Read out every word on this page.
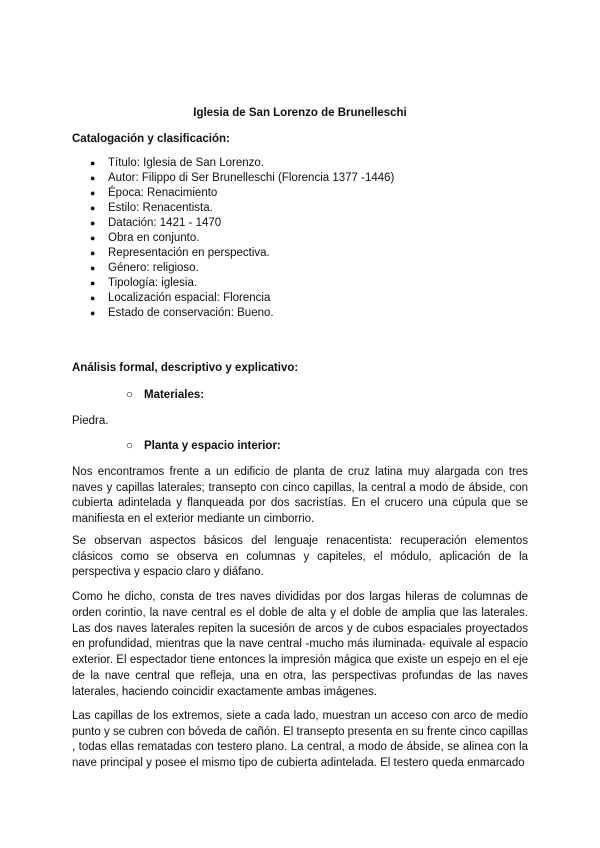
Iglesia de San Lorenzo de Brunelleschi
Catalogación y clasificación:
● Título: Iglesia de San Lorenzo.
● Autor: Filippo di Ser Brunelleschi (Florencia 1377 -1446)
● Época: Renacimiento
● Estilo: Renacentista.
● Datación: 1421 - 1470
● Obra en conjunto.
● Representación en perspectiva.
● Género: religioso.
● Tipología: iglesia.
● Localización espacial: Florencia
● Estado de conservación: Bueno.
Análisis formal, descriptivo y explicativo:
○ Materiales:
Piedra.
○ Planta y espacio interior:

Nos encontramos frente a un edificio de planta de cruz latina muy alargada con tres naves y capillas laterales; transepto con cinco capillas, la central a modo de ábside, con cubierta adintelada y flanqueada por dos sacristías. En el crucero una cúpula que se manifiesta en el exterior mediante un cimborrio.

Se observan aspectos básicos del lenguaje renacentista: recuperación elementos clásicos como se observa en columnas y capiteles, el módulo, aplicación de la perspectiva y espacio claro y diáfano.

Como he dicho, consta de tres naves divididas por dos largas hileras de columnas de orden corintio, la nave central es el doble de alta y el doble de amplia que las laterales. Las dos naves laterales repiten la sucesión de arcos y de cubos espaciales proyectados en profundidad, mientras que la nave central -mucho más iluminada- equivale al espacio exterior. El espectador tiene entonces la impresión mágica que existe un espejo en el eje de la nave central que refleja, una en otra, las perspectivas profundas de las naves laterales, haciendo coincidir exactamente ambas imágenes.

Las capillas de los extremos, siete a cada lado, muestran un acceso con arco de medio punto y se cubren con bóveda de cañón. El transepto presenta en su frente cinco capillas , todas ellas rematadas con testero plano. La central, a modo de ábside, se alinea con la nave principal y posee el mismo tipo de cubierta adintelada. El testero queda enmarcado
